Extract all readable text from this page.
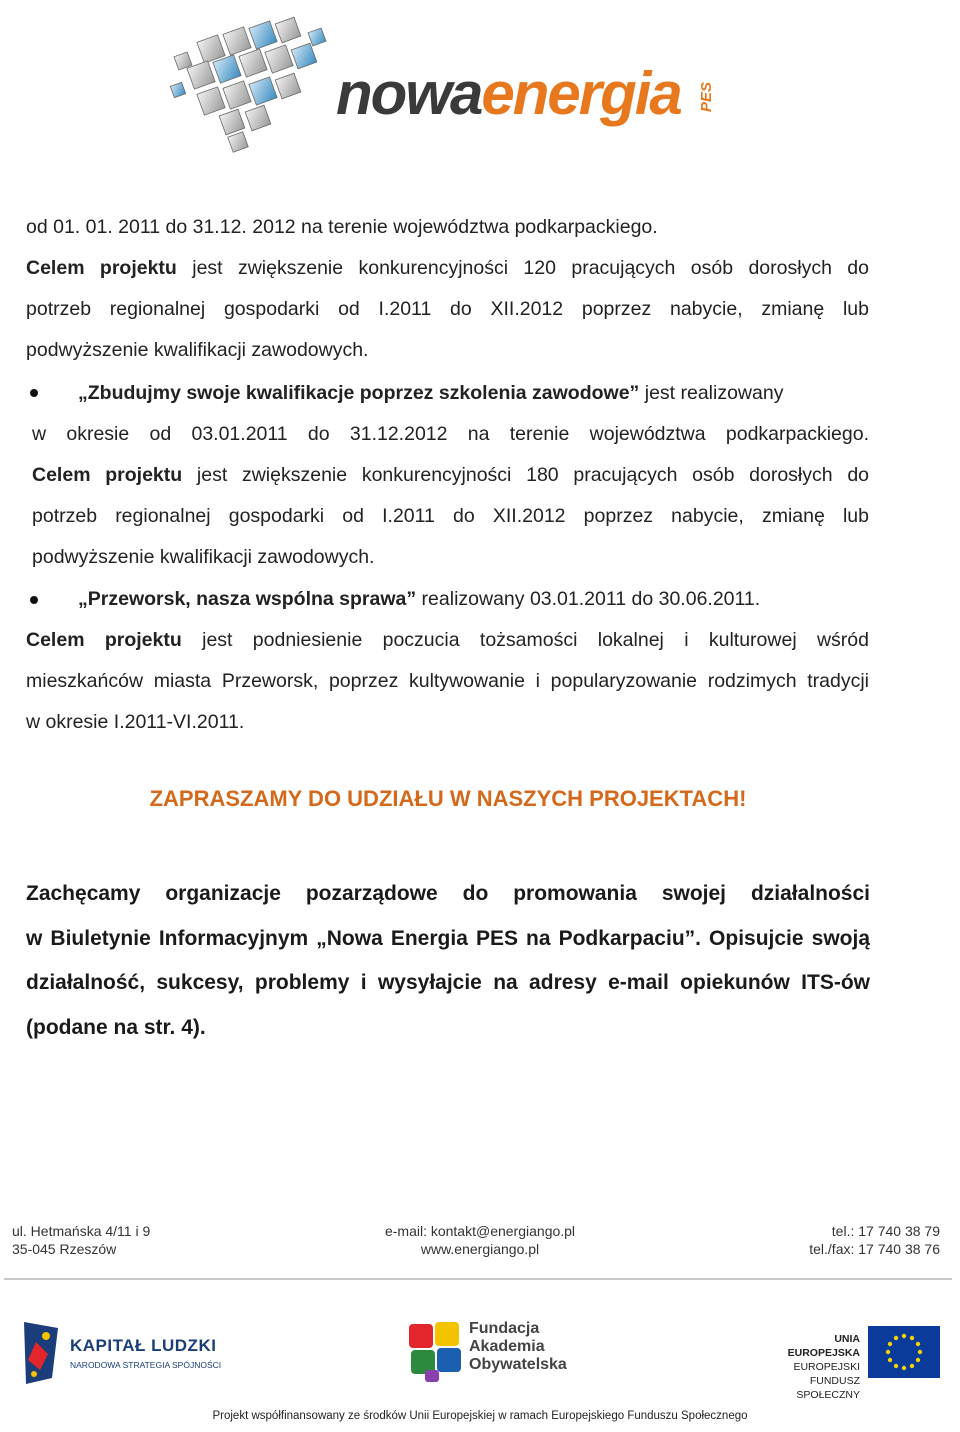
nowaenergia PES
od 01. 01. 2011 do 31.12. 2012 na terenie województwa podkarpackiego.
Celem projektu jest zwiększenie konkurencyjności 120 pracujących osób dorosłych do
potrzeb regionalnej gospodarki od I.2011 do XII.2012 poprzez nabycie, zmianę lub
podwyższenie kwalifikacji zawodowych.
„Zbudujmy swoje kwalifikacje poprzez szkolenia zawodowe” jest realizowany
w okresie od 03.01.2011 do 31.12.2012 na terenie województwa podkarpackiego.
Celem projektu jest zwiększenie konkurencyjności 180 pracujących osób dorosłych do
potrzeb regionalnej gospodarki od I.2011 do XII.2012 poprzez nabycie, zmianę lub
podwyższenie kwalifikacji zawodowych.
„Przeworsk, nasza wspólna sprawa” realizowany 03.01.2011 do 30.06.2011.
Celem projektu jest podniesienie poczucia tożsamości lokalnej i kulturowej wśród
mieszkańców miasta Przeworsk, poprzez kultywowanie i popularyzowanie rodzimych tradycji
w okresie I.2011-VI.2011.
ZAPRASZAMY DO UDZIAŁU W NASZYCH PROJEKTACH!
Zachęcamy organizacje pozarządowe do promowania swojej działalności
w Biuletynie Informacyjnym „Nowa Energia PES na Podkarpaciu”. Opisujcie swoją
działalność, sukcesy, problemy i wysyłajcie na adresy e-mail opiekunów ITS-ów
(podane na str. 4).
ul. Hetmańska 4/11 i 9
35-045 Rzeszów
e-mail: kontakt@energiango.pl
www.energiango.pl
tel.: 17 740 38 79
tel./fax: 17 740 38 76
KAPITAŁ LUDZKI
NARODOWA STRATEGIA SPÓJNOŚCI
Fundacja
Akademia
Obywatelska
UNIA EUROPEJSKA
EUROPEJSKI
FUNDUSZ SPOŁECZNY
Projekt współfinansowany ze środków Unii Europejskiej w ramach Europejskiego Funduszu Społecznego
